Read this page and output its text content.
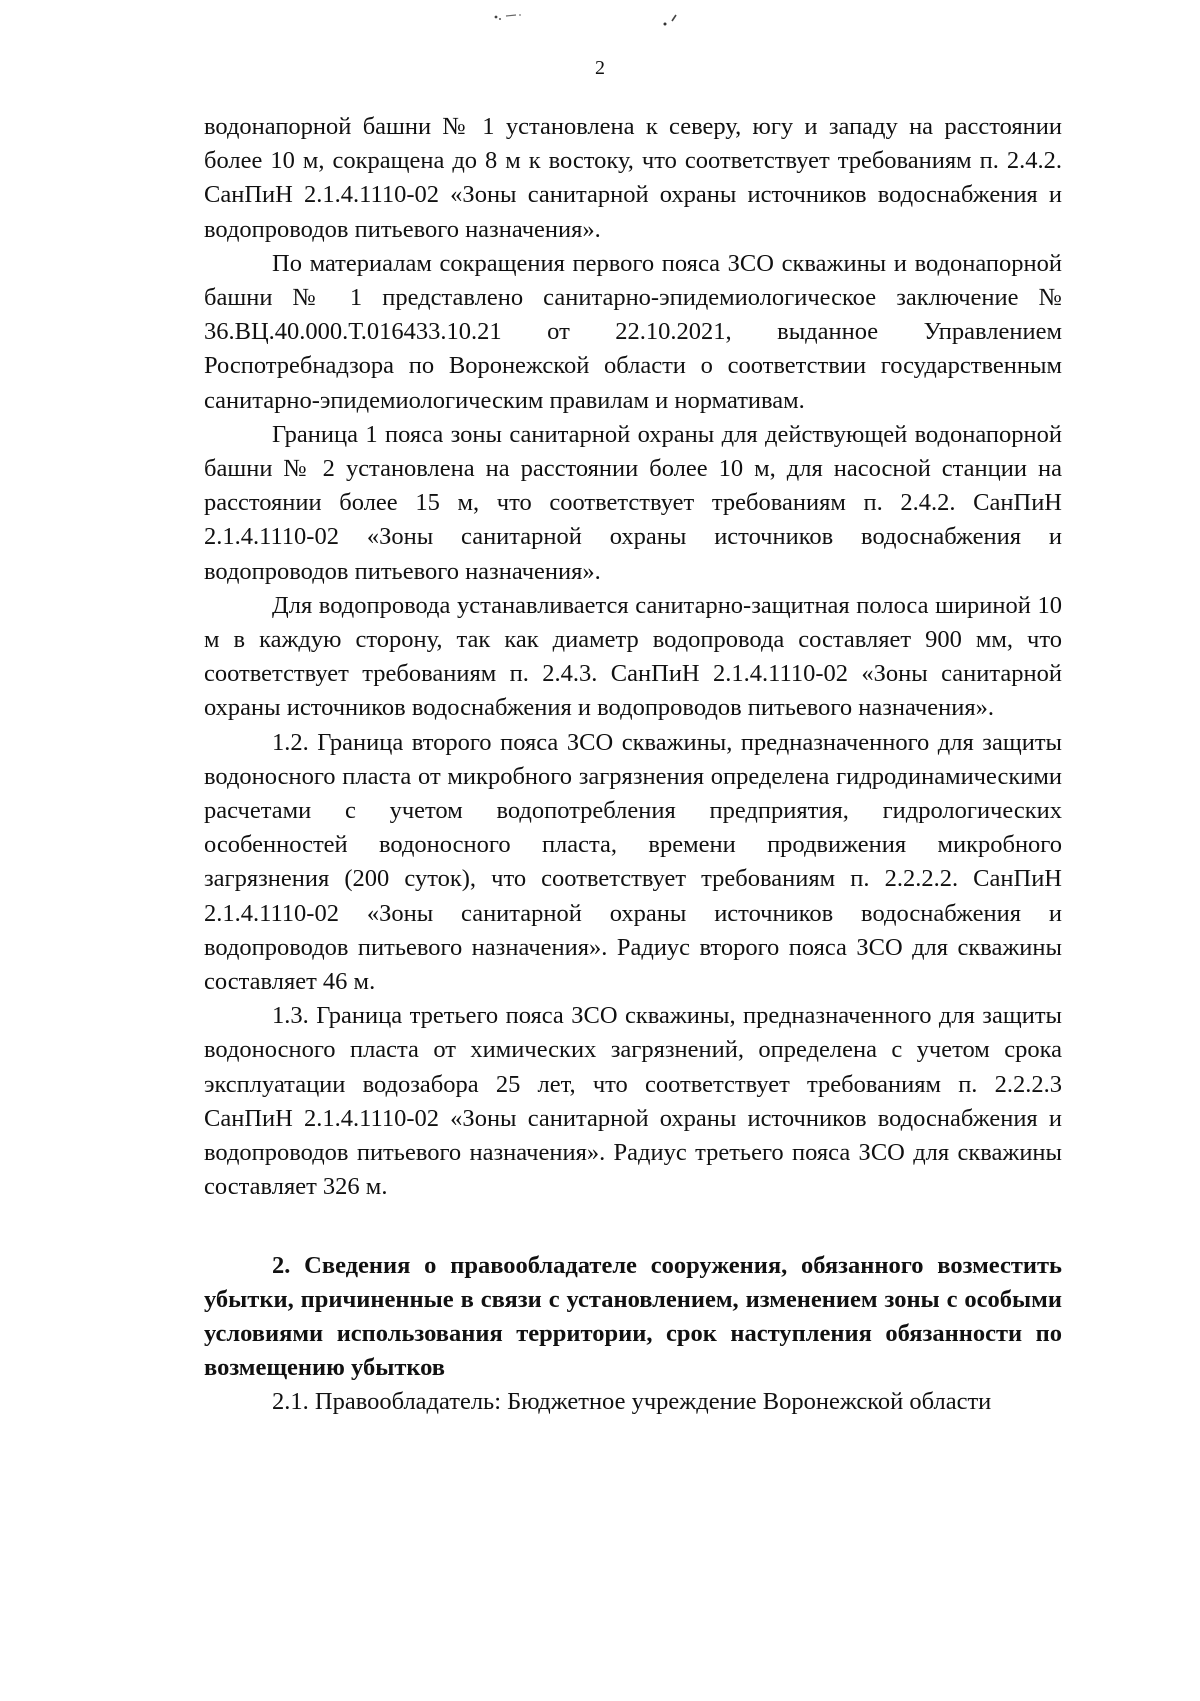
2

водонапорной башни № 1 установлена к северу, югу и западу на расстоянии более 10 м, сокращена до 8 м к востоку, что соответствует требованиям п. 2.4.2. СанПиН 2.1.4.1110-02 «Зоны санитарной охраны источников водоснабжения и водопроводов питьевого назначения».

По материалам сокращения первого пояса ЗСО скважины и водонапорной башни № 1 представлено санитарно-эпидемиологическое заключение № 36.ВЦ.40.000.Т.016433.10.21 от 22.10.2021, выданное Управлением Роспотребнадзора по Воронежской области о соответствии государственным санитарно-эпидемиологическим правилам и нормативам.

Граница 1 пояса зоны санитарной охраны для действующей водонапорной башни № 2 установлена на расстоянии более 10 м, для насосной станции на расстоянии более 15 м, что соответствует требованиям п. 2.4.2. СанПиН 2.1.4.1110-02 «Зоны санитарной охраны источников водоснабжения и водопроводов питьевого назначения».

Для водопровода устанавливается санитарно-защитная полоса шириной 10 м в каждую сторону, так как диаметр водопровода составляет 900 мм, что соответствует требованиям п. 2.4.3. СанПиН 2.1.4.1110-02 «Зоны санитарной охраны источников водоснабжения и водопроводов питьевого назначения».

1.2. Граница второго пояса ЗСО скважины, предназначенного для защиты водоносного пласта от микробного загрязнения определена гидродинамическими расчетами с учетом водопотребления предприятия, гидрологических особенностей водоносного пласта, времени продвижения микробного загрязнения (200 суток), что соответствует требованиям п. 2.2.2.2. СанПиН 2.1.4.1110-02 «Зоны санитарной охраны источников водоснабжения и водопроводов питьевого назначения». Радиус второго пояса ЗСО для скважины составляет 46 м.

1.3. Граница третьего пояса ЗСО скважины, предназначенного для защиты водоносного пласта от химических загрязнений, определена с учетом срока эксплуатации водозабора 25 лет, что соответствует требованиям п. 2.2.2.3 СанПиН 2.1.4.1110-02 «Зоны санитарной охраны источников водоснабжения и водопроводов питьевого назначения». Радиус третьего пояса ЗСО для скважины составляет 326 м.

2. Сведения о правообладателе сооружения, обязанного возместить убытки, причиненные в связи с установлением, изменением зоны с особыми условиями использования территории, срок наступления обязанности по возмещению убытков

2.1. Правообладатель: Бюджетное учреждение Воронежской области
